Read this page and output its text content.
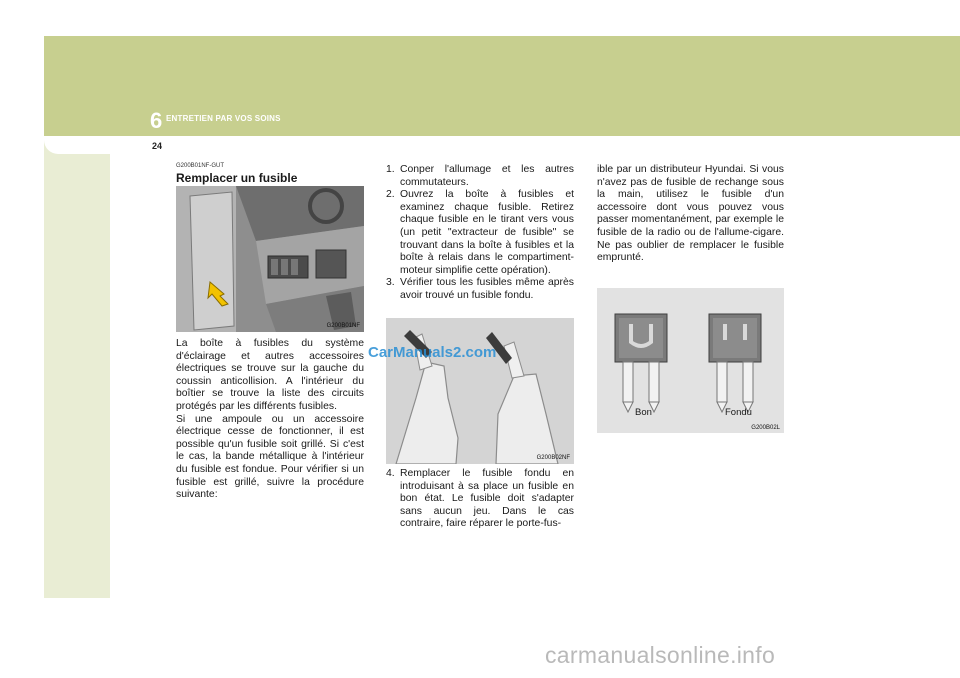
6 ENTRETIEN PAR VOS SOINS
24
G200B01NF-GUT
Remplacer un fusible
G200B01NF

La boîte à fusibles du système d'éclairage et autres accessoires électriques se trouve sur la gauche du coussin anticollision. A l'intérieur du boîtier se trouve la liste des circuits protégés par les différents fusibles.

Si une ampoule ou un accessoire électrique cesse de fonctionner, il est possible qu'un fusible soit grillé. Si c'est le cas, la bande métallique à l'intérieur du fusible est fondue. Pour vérifier si un fusible est grillé, suivre la procédure suivante:

1. Conper l'allumage et les autres commutateurs.
2. Ouvrez la boîte à fusibles et examinez chaque fusible. Retirez chaque fusible en le tirant vers vous (un petit "extracteur de fusible" se trouvant dans la boîte à fusibles et la boîte à relais dans le compartiment-moteur simplifie cette opération).
3. Vérifier tous les fusibles même après avoir trouvé un fusible fondu.
G200B02NF
4. Remplacer le fusible fondu en introduisant à sa place un fusible en bon état. Le fusible doit s'adapter sans aucun jeu. Dans le cas contraire, faire réparer le porte-fus-
ible par un distributeur Hyundai. Si vous n'avez pas de fusible de rechange sous la main, utilisez le fusible d'un accessoire dont vous pouvez vous passer momentanément, par exemple le fusible de la radio ou de l'allume-cigare. Ne pas oublier de remplacer le fusible emprunté.
Bon	Fondu
G200B02L
CarManuals2.com
carmanualsonline.info
